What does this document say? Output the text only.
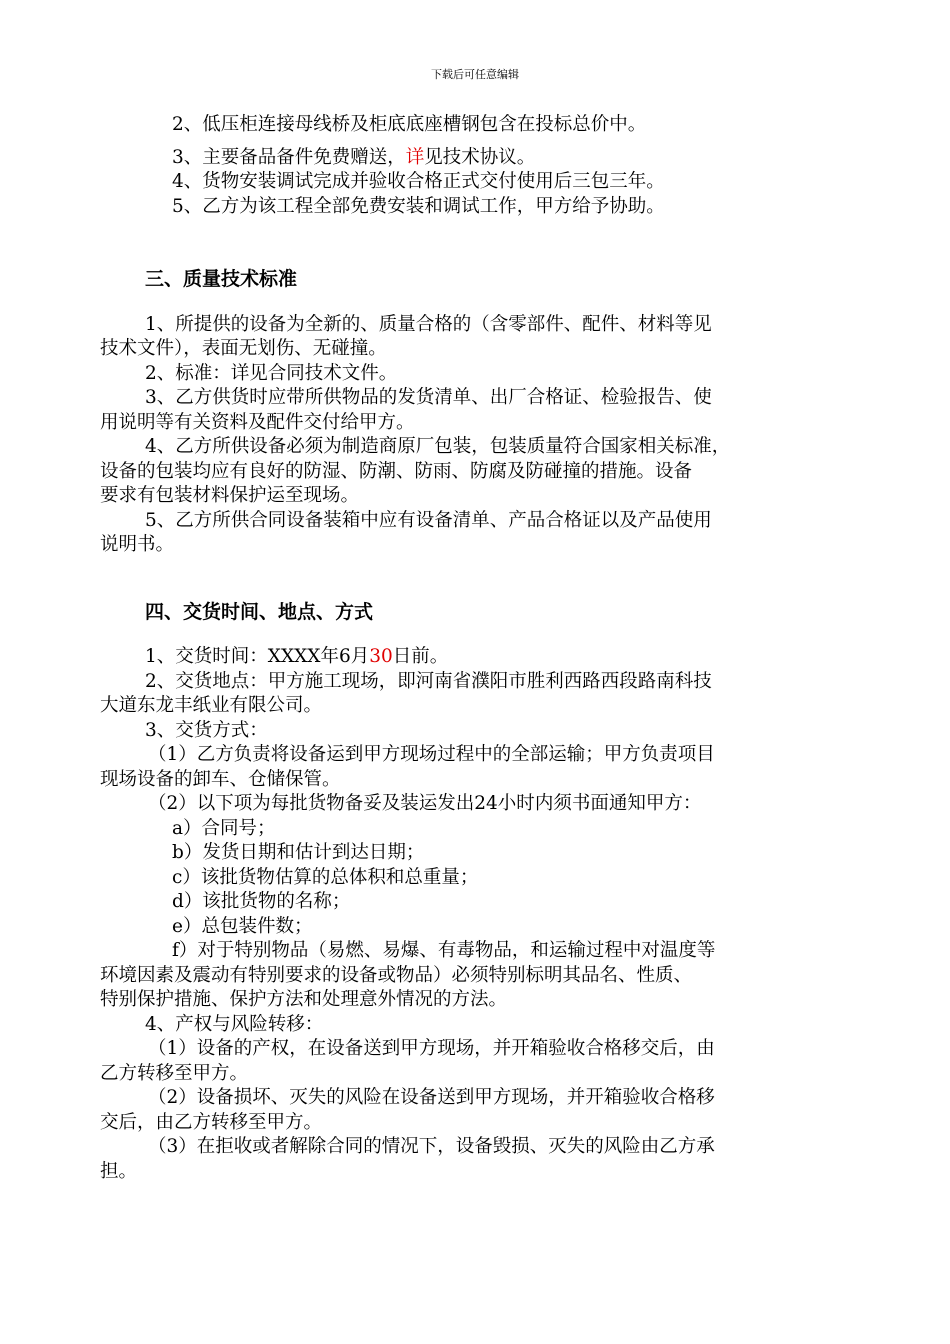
下载后可任意编辑

2、低压柜连接母线桥及柜底底座槽钢包含在投标总价中。

3、主要备品备件免费赠送，详见技术协议。

4、货物安装调试完成并验收合格正式交付使用后三包三年。

5、乙方为该工程全部免费安装和调试工作，甲方给予协助。

三、质量技术标准

1、所提供的设备为全新的、质量合格的（含零部件、配件、材料等见

技术文件），表面无划伤、无碰撞。

2、标准：详见合同技术文件。

3、乙方供货时应带所供物品的发货清单、出厂合格证、检验报告、使

用说明等有关资料及配件交付给甲方。

4、乙方所供设备必须为制造商原厂包装，包装质量符合国家相关标准，

设备的包装均应有良好的防湿、防潮、防雨、防腐及防碰撞的措施。设备

要求有包装材料保护运至现场。

5、乙方所供合同设备装箱中应有设备清单、产品合格证以及产品使用

说明书。

四、交货时间、地点、方式

1、交货时间：XXXX年6月30日前。

2、交货地点：甲方施工现场，即河南省濮阳市胜利西路西段路南科技

大道东龙丰纸业有限公司。

3、交货方式：

（1）乙方负责将设备运到甲方现场过程中的全部运输；甲方负责项目

现场设备的卸车、仓储保管。

（2）以下项为每批货物备妥及装运发出24小时内须书面通知甲方：

a）合同号；

b）发货日期和估计到达日期；

c）该批货物估算的总体积和总重量；

d）该批货物的名称；

e）总包装件数；

f）对于特别物品（易燃、易爆、有毒物品，和运输过程中对温度等

环境因素及震动有特别要求的设备或物品）必须特别标明其品名、性质、

特别保护措施、保护方法和处理意外情况的方法。

4、产权与风险转移：

（1）设备的产权，在设备送到甲方现场，并开箱验收合格移交后，由

乙方转移至甲方。

（2）设备损坏、灭失的风险在设备送到甲方现场，并开箱验收合格移

交后，由乙方转移至甲方。

（3）在拒收或者解除合同的情况下，设备毁损、灭失的风险由乙方承

担。
